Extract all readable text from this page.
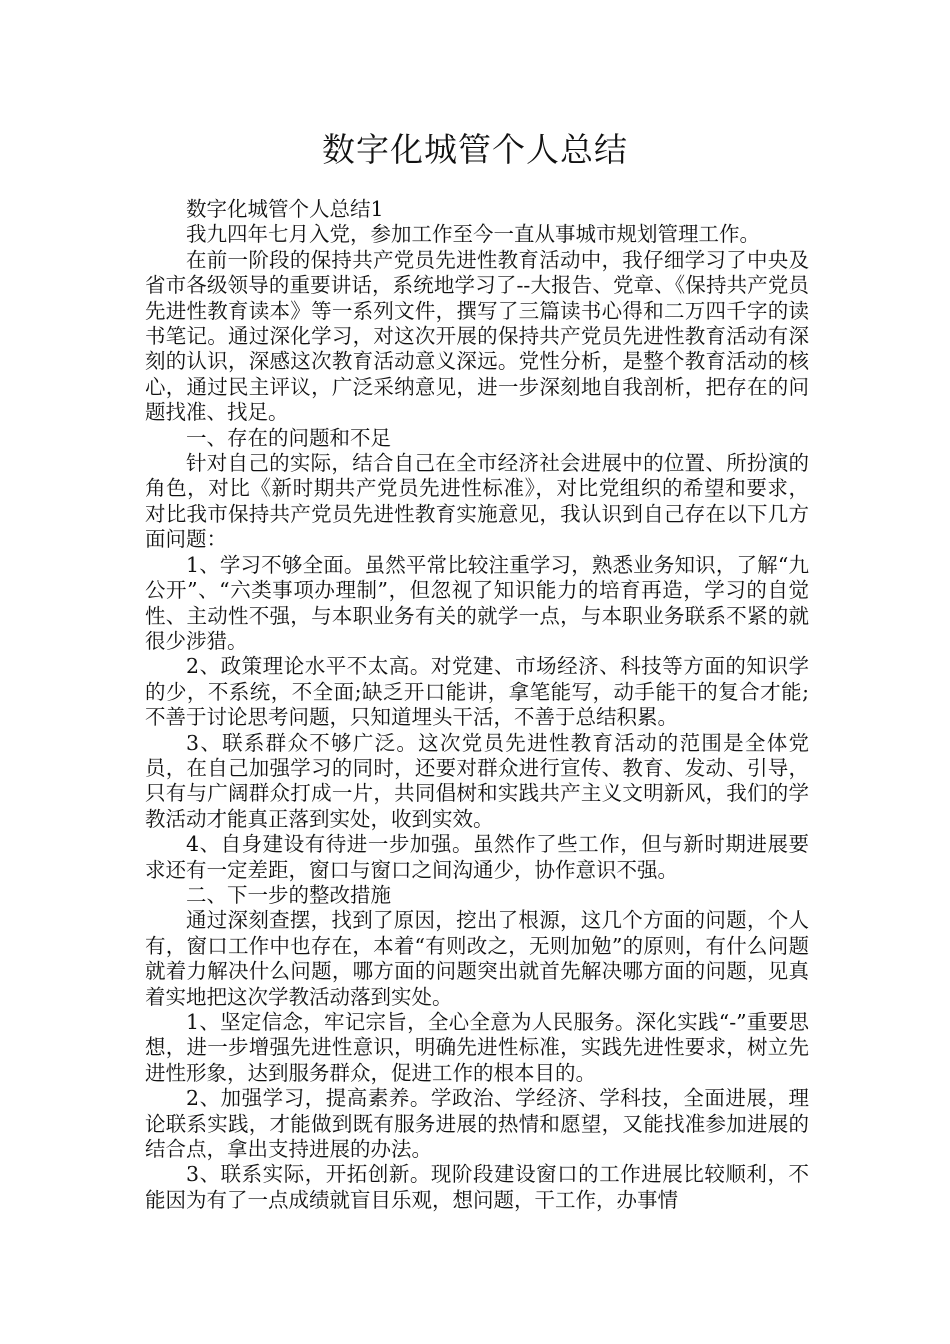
数字化城管个人总结

数字化城管个人总结1

我九四年七月入党，参加工作至今一直从事城市规划管理工作。

在前一阶段的保持共产党员先进性教育活动中，我仔细学习了中央及省市各级领导的重要讲话，系统地学习了--大报告、党章、《保持共产党员先进性教育读本》等一系列文件，撰写了三篇读书心得和二万四千字的读书笔记。通过深化学习，对这次开展的保持共产党员先进性教育活动有深刻的认识，深感这次教育活动意义深远。党性分析，是整个教育活动的核心，通过民主评议，广泛采纳意见，进一步深刻地自我剖析，把存在的问题找准、找足。

一、存在的问题和不足

针对自己的实际，结合自己在全市经济社会进展中的位置、所扮演的角色，对比《新时期共产党员先进性标准》，对比党组织的希望和要求，对比我市保持共产党员先进性教育实施意见，我认识到自己存在以下几方面问题：

1、学习不够全面。虽然平常比较注重学习，熟悉业务知识，了解“九公开”、“六类事项办理制”，但忽视了知识能力的培育再造，学习的自觉性、主动性不强，与本职业务有关的就学一点，与本职业务联系不紧的就很少涉猎。

2、政策理论水平不太高。对党建、市场经济、科技等方面的知识学的少，不系统，不全面;缺乏开口能讲，拿笔能写，动手能干的复合才能;不善于讨论思考问题，只知道埋头干活，不善于总结积累。

3、联系群众不够广泛。这次党员先进性教育活动的范围是全体党员，在自己加强学习的同时，还要对群众进行宣传、教育、发动、引导，只有与广阔群众打成一片，共同倡树和实践共产主义文明新风，我们的学教活动才能真正落到实处，收到实效。

4、自身建设有待进一步加强。虽然作了些工作，但与新时期进展要求还有一定差距，窗口与窗口之间沟通少，协作意识不强。

二、下一步的整改措施

通过深刻查摆，找到了原因，挖出了根源，这几个方面的问题，个人有，窗口工作中也存在，本着“有则改之，无则加勉”的原则，有什么问题就着力解决什么问题，哪方面的问题突出就首先解决哪方面的问题，见真着实地把这次学教活动落到实处。

1、坚定信念，牢记宗旨，全心全意为人民服务。深化实践“-”重要思想，进一步增强先进性意识，明确先进性标准，实践先进性要求，树立先进性形象，达到服务群众，促进工作的根本目的。

2、加强学习，提高素养。学政治、学经济、学科技，全面进展，理论联系实践，才能做到既有服务进展的热情和愿望，又能找准参加进展的结合点，拿出支持进展的办法。

3、联系实际，开拓创新。现阶段建设窗口的工作进展比较顺利，不能因为有了一点成绩就盲目乐观，想问题，干工作，办事情
